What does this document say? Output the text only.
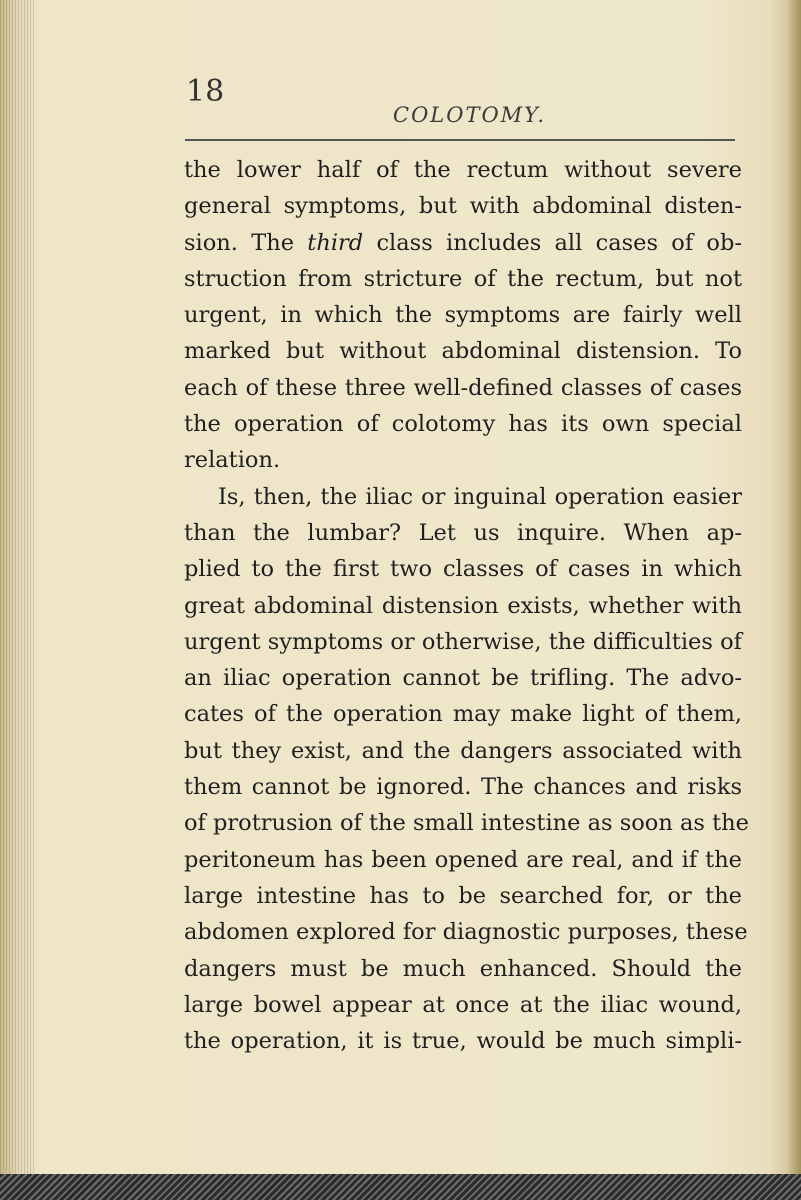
18
COLOTOMY.
the lower half of the rectum without severe
general symptoms, but with abdominal disten-
sion. The third class includes all cases of ob-
struction from stricture of the rectum, but not
urgent, in which the symptoms are fairly well
marked but without abdominal distension. To
each of these three well-defined classes of cases
the operation of colotomy has its own special
relation.
Is, then, the iliac or inguinal operation easier
than the lumbar? Let us inquire. When ap-
plied to the first two classes of cases in which
great abdominal distension exists, whether with
urgent symptoms or otherwise, the difficulties of
an iliac operation cannot be trifling. The advo-
cates of the operation may make light of them,
but they exist, and the dangers associated with
them cannot be ignored. The chances and risks
of protrusion of the small intestine as soon as the
peritoneum has been opened are real, and if the
large intestine has to be searched for, or the
abdomen explored for diagnostic purposes, these
dangers must be much enhanced. Should the
large bowel appear at once at the iliac wound,
the operation, it is true, would be much simpli-
